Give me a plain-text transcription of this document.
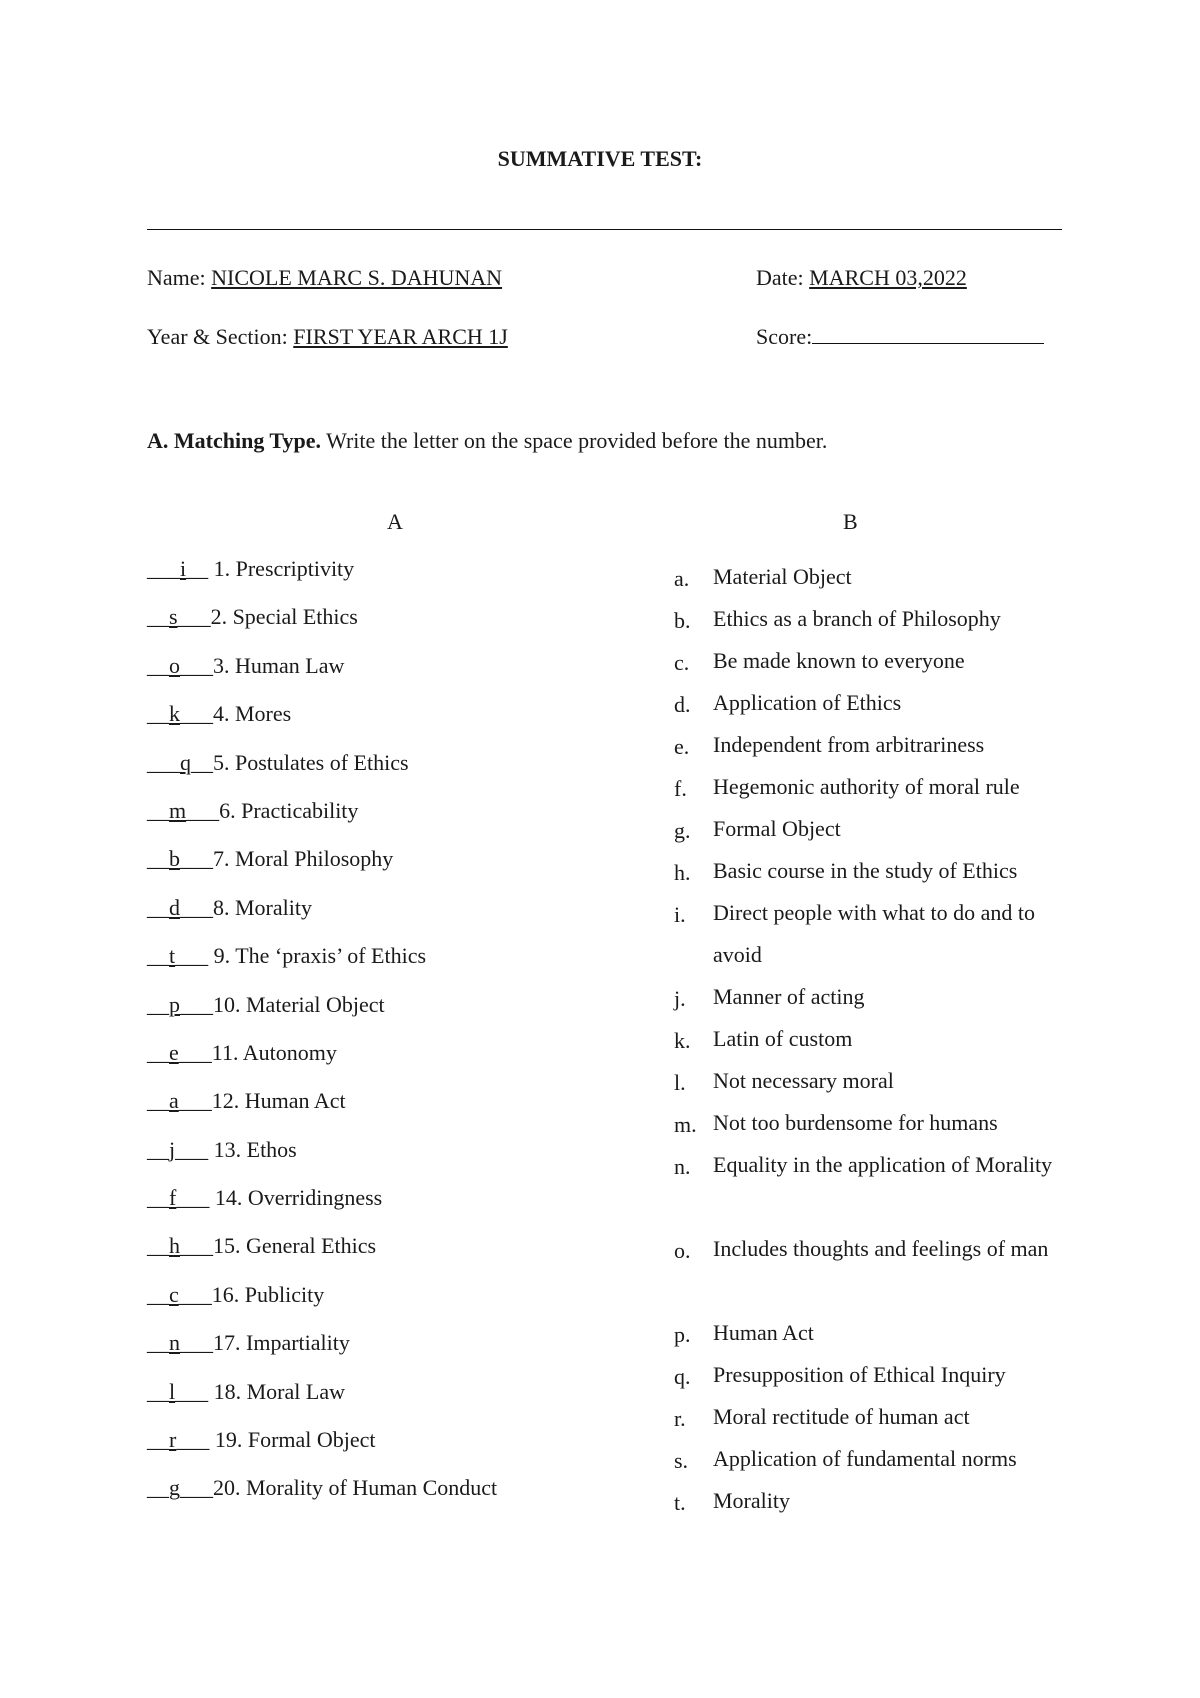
SUMMATIVE TEST:
Name: NICOLE MARC S. DAHUNAN	Date: MARCH 03,2022
Year & Section: FIRST YEAR ARCH 1J	Score:
A. Matching Type. Write the letter on the space provided before the number.
A	B
___i__ 1. Prescriptivity
__s___2. Special Ethics
__o___3. Human Law
__k___4. Mores
___q__5. Postulates of Ethics
__m___6. Practicability
__b___7. Moral Philosophy
__d___8. Morality
__t___ 9. The ‘praxis’ of Ethics
__p___10. Material Object
__e___11. Autonomy
__a___12. Human Act
__j___ 13. Ethos
__f___ 14. Overridingness
__h___15. General Ethics
__c___16. Publicity
__n___17. Impartiality
__l___ 18. Moral Law
__r___ 19. Formal Object
__g___20. Morality of Human Conduct
a.	Material Object
b.	Ethics as a branch of Philosophy
c.	Be made known to everyone
d.	Application of Ethics
e.	Independent from arbitrariness
f.	Hegemonic authority of moral rule
g.	Formal Object
h.	Basic course in the study of Ethics
i.	Direct people with what to do and to avoid
j.	Manner of acting
k.	Latin of custom
l.	Not necessary moral
m. Not too burdensome for humans
n.	Equality in the application of Morality
o.	Includes thoughts and feelings of man
p.	Human Act
q.	Presupposition of Ethical Inquiry
r.	Moral rectitude of human act
s.	Application of fundamental norms
t.	Morality
